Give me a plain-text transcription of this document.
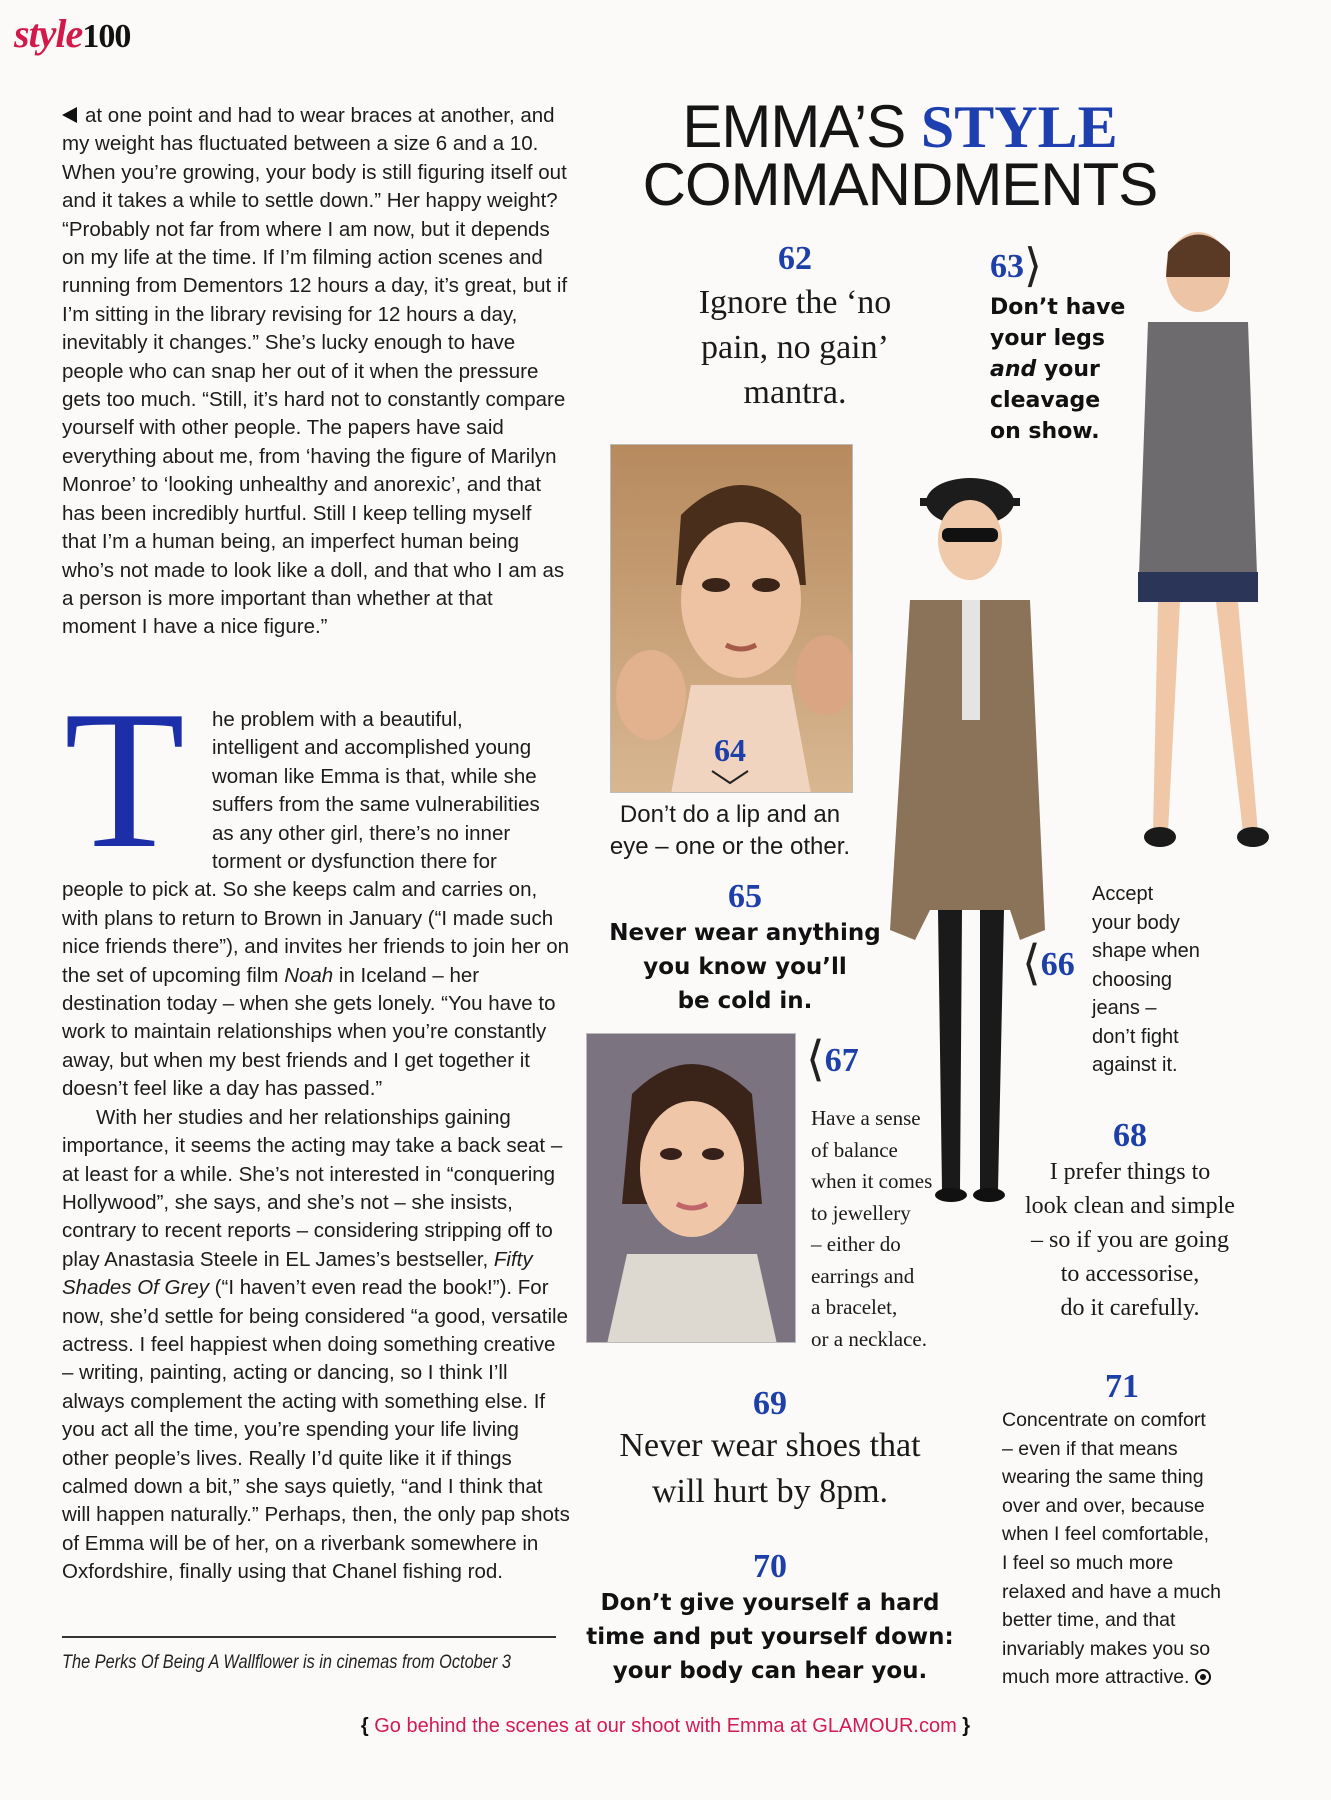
style100

at one point and had to wear braces at another, and my weight has fluctuated between a size 6 and a 10. When you’re growing, your body is still figuring itself out and it takes a while to settle down.” Her happy weight? “Probably not far from where I am now, but it depends on my life at the time. If I’m filming action scenes and running from Dementors 12 hours a day, it’s great, but if I’m sitting in the library revising for 12 hours a day, inevitably it changes.” She’s lucky enough to have people who can snap her out of it when the pressure gets too much. “Still, it’s hard not to constantly compare yourself with other people. The papers have said everything about me, from ‘having the figure of Marilyn Monroe’ to ‘looking unhealthy and anorexic’, and that has been incredibly hurtful. Still I keep telling myself that I’m a human being, an imperfect human being who’s not made to look like a doll, and that who I am as a person is more important than whether at that moment I have a nice figure.”

T	he problem with a beautiful,
intelligent and accomplished young
woman like Emma is that, while she
suffers from the same vulnerabilities
as any other girl, there’s no inner
torment or dysfunction there for
people to pick at. So she keeps calm and carries on, with plans to return to Brown in January (“I made such nice friends there”), and invites her friends to join her on the set of upcoming film Noah in Iceland – her destination today – when she gets lonely. “You have to work to maintain relationships when you’re constantly away, but when my best friends and I get together it doesn’t feel like a day has passed.”
With her studies and her relationships gaining importance, it seems the acting may take a back seat – at least for a while. She’s not interested in “conquering Hollywood”, she says, and she’s not – she insists, contrary to recent reports – considering stripping off to play Anastasia Steele in EL James’s bestseller, Fifty Shades Of Grey (“I haven’t even read the book!”). For now, she’d settle for being considered “a good, versatile actress. I feel happiest when doing something creative – writing, painting, acting or dancing, so I think I’ll always complement the acting with something else. If you act all the time, you’re spending your life living other people’s lives. Really I’d quite like it if things calmed down a bit,” she says quietly, “and I think that will happen naturally.” Perhaps, then, the only pap shots of Emma will be of her, on a riverbank somewhere in Oxfordshire, finally using that Chanel fishing rod.
The Perks Of Being A Wallflower is in cinemas from October 3
EMMA’S STYLE
COMMANDMENTS
62
Ignore the ‘no
pain, no gain’
mantra.
63⟩
Don’t have
your legs
and your
cleavage
on show.
64
Don’t do a lip and an
eye – one or the other.
65
Never wear anything
you know you’ll
be cold in.
⟨66
Accept
your body
shape when
choosing
jeans –
don’t fight
against it.
⟨67
Have a sense
of balance
when it comes
to jewellery
– either do
earrings and
a bracelet,
or a necklace.
68
I prefer things to
look clean and simple
– so if you are going
to accessorise,
do it carefully.
69
Never wear shoes that
will hurt by 8pm.
70
Don’t give yourself a hard
time and put yourself down:
your body can hear you.
71
Concentrate on comfort
– even if that means
wearing the same thing
over and over, because
when I feel comfortable,
I feel so much more
relaxed and have a much
better time, and that
invariably makes you so
much more attractive.
{ Go behind the scenes at our shoot with Emma at GLAMOUR.com }
